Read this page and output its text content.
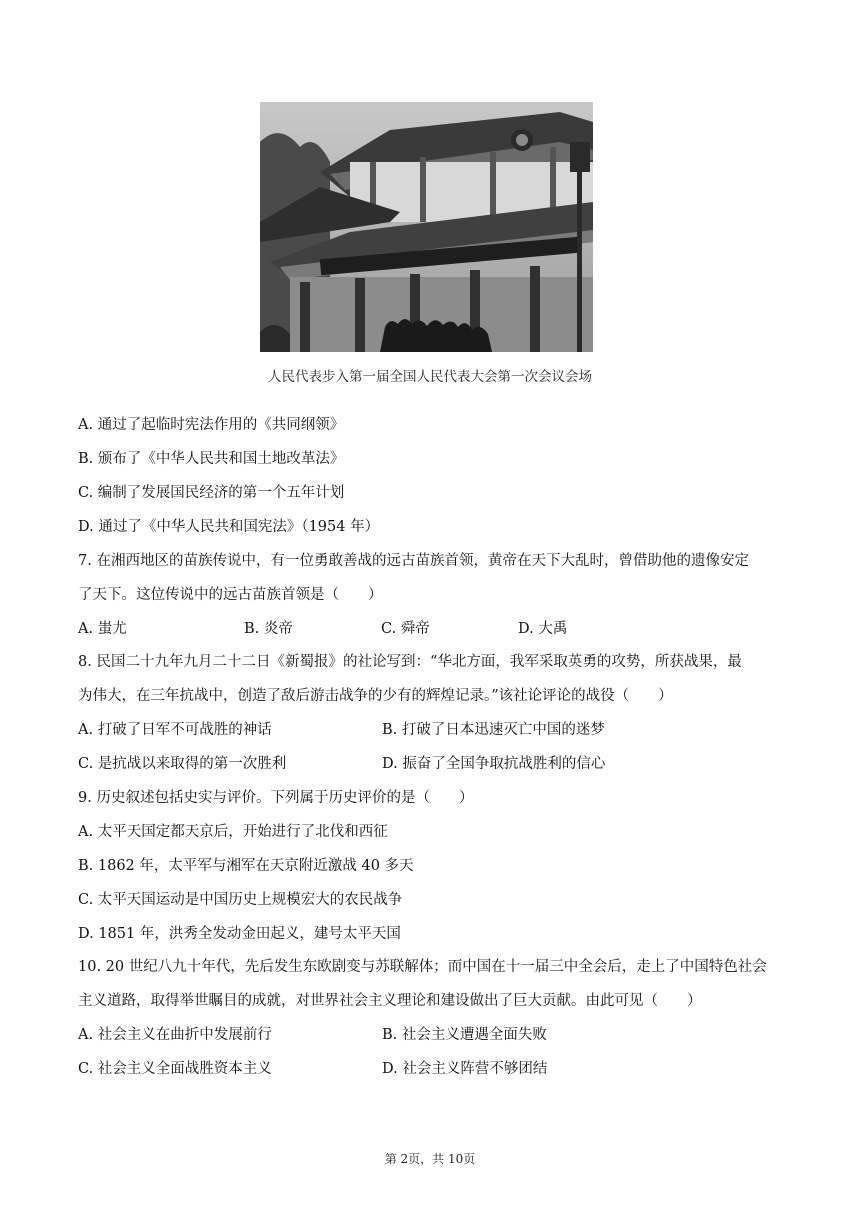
人民代表步入第一届全国人民代表大会第一次会议会场
A. 通过了起临时宪法作用的《共同纲领》
B. 颁布了《中华人民共和国土地改革法》
C. 编制了发展国民经济的第一个五年计划
D. 通过了《中华人民共和国宪法》（1954 年）
7. 在湘西地区的苗族传说中，有一位勇敢善战的远古苗族首领，黄帝在天下大乱时，曾借助他的遗像安定
了天下。这位传说中的远古苗族首领是（　　）
A. 蚩尤	B. 炎帝	C. 舜帝	D. 大禹
8. 民国二十九年九月二十二日《新蜀报》的社论写到：“华北方面，我军采取英勇的攻势，所获战果，最
为伟大，在三年抗战中，创造了敌后游击战争的少有的辉煌记录。”该社论评论的战役（　　）
A. 打破了日军不可战胜的神话	B. 打破了日本迅速灭亡中国的迷梦
C. 是抗战以来取得的第一次胜利	D. 振奋了全国争取抗战胜利的信心
9. 历史叙述包括史实与评价。下列属于历史评价的是（　　）
A. 太平天国定都天京后，开始进行了北伐和西征
B. 1862 年，太平军与湘军在天京附近激战 40 多天
C. 太平天国运动是中国历史上规模宏大的农民战争
D. 1851 年，洪秀全发动金田起义，建号太平天国
10. 20 世纪八九十年代，先后发生东欧剧变与苏联解体；而中国在十一届三中全会后，走上了中国特色社会
主义道路，取得举世瞩目的成就，对世界社会主义理论和建设做出了巨大贡献。由此可见（　　）
A. 社会主义在曲折中发展前行	B. 社会主义遭遇全面失败
C. 社会主义全面战胜资本主义	D. 社会主义阵营不够团结
第 2页，共 10页
